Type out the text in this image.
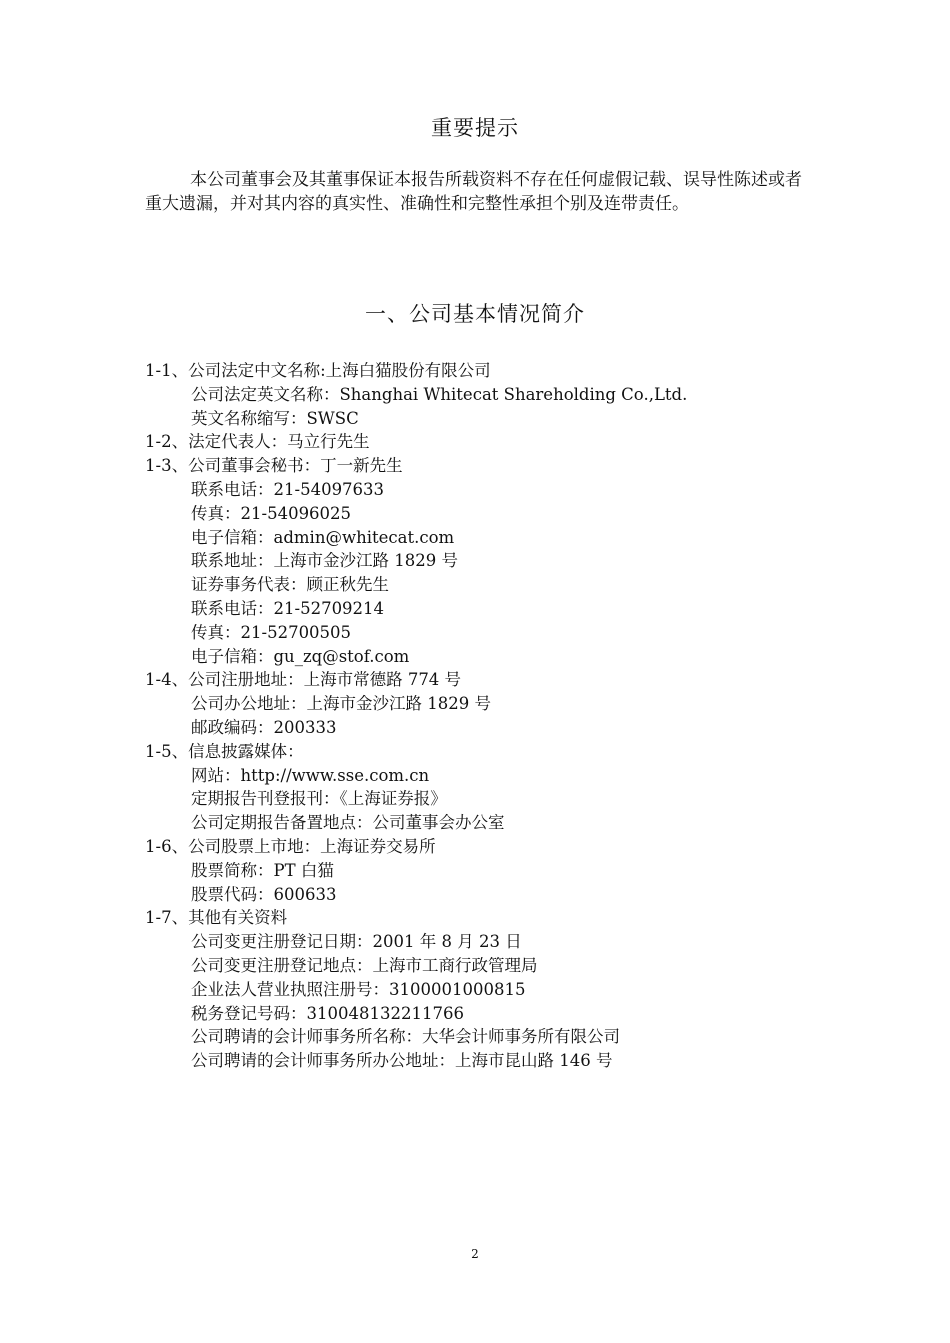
重要提示

本公司董事会及其董事保证本报告所载资料不存在任何虚假记载、误导性陈述或者重大遗漏，并对其内容的真实性、准确性和完整性承担个别及连带责任。

一、公司基本情况简介
1-1、公司法定中文名称:上海白猫股份有限公司
公司法定英文名称：Shanghai Whitecat Shareholding Co.,Ltd.
英文名称缩写：SWSC
1-2、法定代表人：马立行先生
1-3、公司董事会秘书：丁一新先生
联系电话：21-54097633
传真：21-54096025
电子信箱：admin@whitecat.com
联系地址：上海市金沙江路 1829 号
证券事务代表：顾正秋先生
联系电话：21-52709214
传真：21-52700505
电子信箱：gu_zq@stof.com
1-4、公司注册地址：上海市常德路 774 号
公司办公地址：上海市金沙江路 1829 号
邮政编码：200333
1-5、信息披露媒体：
网站：http://www.sse.com.cn
定期报告刊登报刊：《上海证券报》
公司定期报告备置地点：公司董事会办公室
1-6、公司股票上市地：上海证券交易所
股票简称：PT 白猫
股票代码：600633
1-7、其他有关资料
公司变更注册登记日期：2001 年 8 月 23 日
公司变更注册登记地点：上海市工商行政管理局
企业法人营业执照注册号：3100001000815
税务登记号码：310048132211766
公司聘请的会计师事务所名称：大华会计师事务所有限公司
公司聘请的会计师事务所办公地址：上海市昆山路 146 号
2
